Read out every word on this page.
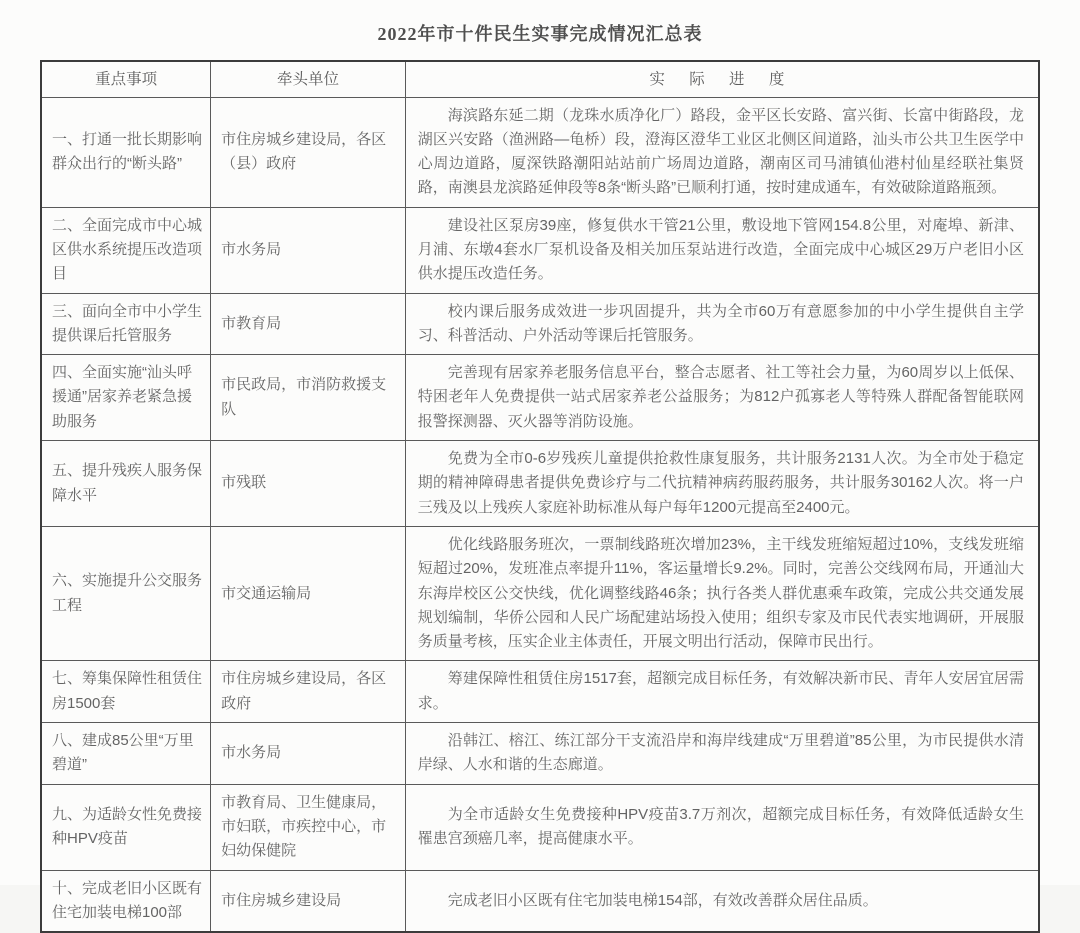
2022年市十件民生实事完成情况汇总表
重点事项	牵头单位	实 际 进 度
一、打通一批长期影响群众出行的“断头路”	市住房城乡建设局，各区（县）政府	海滨路东延二期（龙珠水质净化厂）路段，金平区长安路、富兴街、长富中街路段，龙湖区兴安路（渔洲路—龟桥）段，澄海区澄华工业区北侧区间道路，汕头市公共卫生医学中心周边道路，厦深铁路潮阳站站前广场周边道路，潮南区司马浦镇仙港村仙星经联社集贤路，南澳县龙滨路延伸段等8条“断头路”已顺利打通，按时建成通车，有效破除道路瓶颈。

二、全面完成市中心城区供水系统提压改造项目	市水务局	建设社区泵房39座，修复供水干管21公里，敷设地下管网154.8公里，对庵埠、新津、月浦、东墩4套水厂泵机设备及相关加压泵站进行改造，全面完成中心城区29万户老旧小区供水提压改造任务。

三、面向全市中小学生提供课后托管服务	市教育局	校内课后服务成效进一步巩固提升，共为全市60万有意愿参加的中小学生提供自主学习、科普活动、户外活动等课后托管服务。

四、全面实施“汕头呼援通”居家养老紧急援助服务	市民政局，市消防救援支队	完善现有居家养老服务信息平台，整合志愿者、社工等社会力量，为60周岁以上低保、特困老年人免费提供一站式居家养老公益服务；为812户孤寡老人等特殊人群配备智能联网报警探测器、灭火器等消防设施。

五、提升残疾人服务保障水平	市残联	免费为全市0-6岁残疾儿童提供抢救性康复服务，共计服务2131人次。为全市处于稳定期的精神障碍患者提供免费诊疗与二代抗精神病药服药服务，共计服务30162人次。将一户三残及以上残疾人家庭补助标准从每户每年1200元提高至2400元。

六、实施提升公交服务工程	市交通运输局	优化线路服务班次，一票制线路班次增加23%，主干线发班缩短超过10%，支线发班缩短超过20%，发班准点率提升11%，客运量增长9.2%。同时，完善公交线网布局，开通汕大东海岸校区公交快线，优化调整线路46条；执行各类人群优惠乘车政策，完成公共交通发展规划编制，华侨公园和人民广场配建站场投入使用；组织专家及市民代表实地调研，开展服务质量考核，压实企业主体责任，开展文明出行活动，保障市民出行。

七、筹集保障性租赁住房1500套	市住房城乡建设局，各区政府	筹建保障性租赁住房1517套，超额完成目标任务，有效解决新市民、青年人安居宜居需求。

八、建成85公里“万里碧道”	市水务局	沿韩江、榕江、练江部分干支流沿岸和海岸线建成“万里碧道”85公里，为市民提供水清岸绿、人水和谐的生态廊道。

九、为适龄女性免费接种HPV疫苗	市教育局、卫生健康局，市妇联，市疾控中心，市妇幼保健院	为全市适龄女生免费接种HPV疫苗3.7万剂次，超额完成目标任务，有效降低适龄女生罹患宫颈癌几率，提高健康水平。

十、完成老旧小区既有住宅加装电梯100部	市住房城乡建设局	完成老旧小区既有住宅加装电梯154部，有效改善群众居住品质。
